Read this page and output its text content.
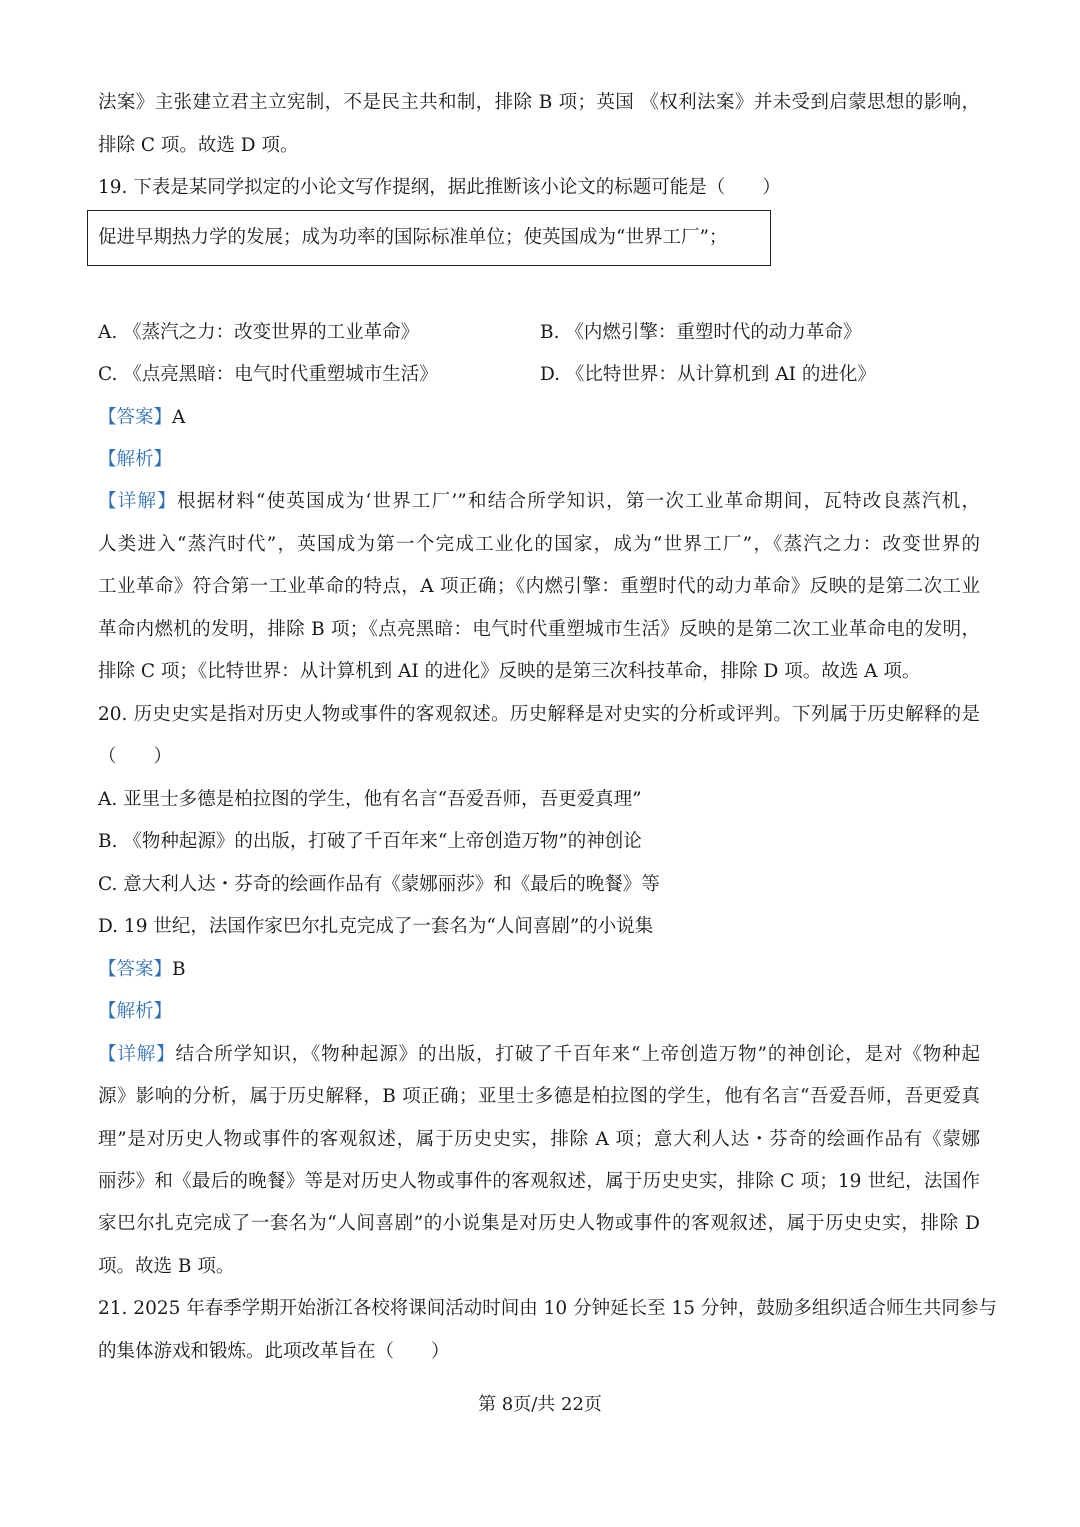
法案》主张建立君主立宪制，不是民主共和制，排除 B 项；英国 《权利法案》并未受到启蒙思想的影响，
排除 C 项。故选 D 项。
19. 下表是某同学拟定的小论文写作提纲，据此推断该小论文的标题可能是（　　）
促进早期热力学的发展；成为功率的国际标准单位；使英国成为“世界工厂”；
A. 《蒸汽之力：改变世界的工业革命》	B. 《内燃引擎：重塑时代的动力革命》
C. 《点亮黑暗：电气时代重塑城市生活》	D. 《比特世界：从计算机到 AI 的进化》
【答案】A
【解析】
【详解】根据材料“使英国成为‘世界工厂’”和结合所学知识，第一次工业革命期间，瓦特改良蒸汽机，
人类进入“蒸汽时代”，英国成为第一个完成工业化的国家，成为“世界工厂”，《蒸汽之力：改变世界的
工业革命》符合第一工业革命的特点，A 项正确；《内燃引擎：重塑时代的动力革命》反映的是第二次工业
革命内燃机的发明，排除 B 项；《点亮黑暗：电气时代重塑城市生活》反映的是第二次工业革命电的发明，
排除 C 项；《比特世界：从计算机到 AI 的进化》反映的是第三次科技革命，排除 D 项。故选 A 项。
20. 历史史实是指对历史人物或事件的客观叙述。历史解释是对史实的分析或评判。下列属于历史解释的是
（　　）
A. 亚里士多德是柏拉图的学生，他有名言“吾爱吾师，吾更爱真理”
B. 《物种起源》的出版，打破了千百年来“上帝创造万物”的神创论
C. 意大利人达・芬奇的绘画作品有《蒙娜丽莎》和《最后的晚餐》等
D. 19 世纪，法国作家巴尔扎克完成了一套名为“人间喜剧”的小说集
【答案】B
【解析】
【详解】结合所学知识，《物种起源》的出版，打破了千百年来“上帝创造万物”的神创论，是对《物种起
源》影响的分析，属于历史解释，B 项正确；亚里士多德是柏拉图的学生，他有名言“吾爱吾师，吾更爱真
理”是对历史人物或事件的客观叙述，属于历史史实，排除 A 项；意大利人达・芬奇的绘画作品有《蒙娜
丽莎》和《最后的晚餐》等是对历史人物或事件的客观叙述，属于历史史实，排除 C 项；19 世纪，法国作
家巴尔扎克完成了一套名为“人间喜剧”的小说集是对历史人物或事件的客观叙述，属于历史史实，排除 D
项。故选 B 项。
21. 2025 年春季学期开始浙江各校将课间活动时间由 10 分钟延长至 15 分钟，鼓励多组织适合师生共同参与
的集体游戏和锻炼。此项改革旨在（　　）
第 8页/共 22页
